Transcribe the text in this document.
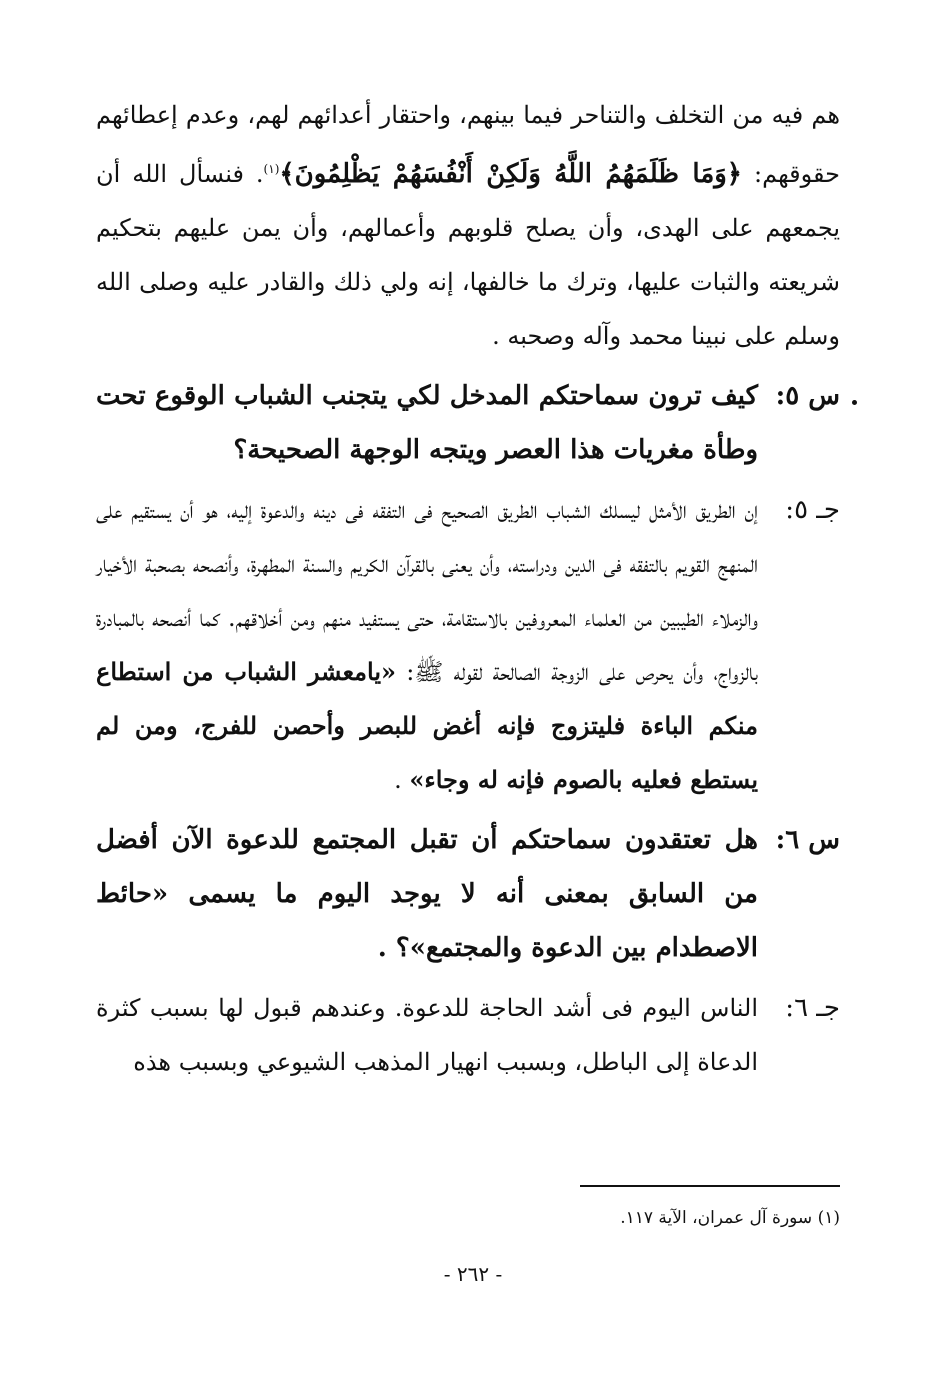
هم فيه من التخلف والتناحر فيما بينهم، واحتقار أعدائهم لهم، وعدم إعطائهم حقوقهم: ﴿وَمَا ظَلَمَهُمُ اللَّهُ وَلَكِنْ أَنْفُسَهُمْ يَظْلِمُونَ﴾$^{(١)}$. فنسأل الله أن يجمعهم على الهدى، وأن يصلح قلوبهم وأعمالهم، وأن يمن عليهم بتحكيم شريعته والثبات عليها، وترك ما خالفها، إنه ولي ذلك والقادر عليه وصلى الله وسلم على نبينا محمد وآله وصحبه .

س ٥:

كيف ترون سماحتكم المدخل لكي يتجنب الشباب الوقوع تحت وطأة مغريات هذا العصر ويتجه الوجهة الصحيحة؟

جـ ٥:

إن الطريق الأمثل ليسلك الشباب الطريق الصحيح فى التفقه فى دينه والدعوة إليه، هو أن يستقيم على المنهج القويم بالتفقه فى الدين ودراسته، وأن يعنى بالقرآن الكريم والسنة المطهرة، وأنصحه بصحبة الأخيار والزملاء الطيبين من العلماء المعروفين بالاستقامة، حتى يستفيد منهم ومن أخلاقهم. كما أنصحه بالمبادرة بالزواج، وأن يحرص على الزوجة الصالحة لقوله ﷺ: «يامعشر الشباب من استطاع منكم الباءة فليتزوج فإنه أغض للبصر وأحصن للفرج، ومن لم يستطع فعليه بالصوم فإنه له وجاء» .

س ٦:

هل تعتقدون سماحتكم أن تقبل المجتمع للدعوة الآن أفضل من السابق بمعنى أنه لا يوجد اليوم ما يسمى «حائط الاصطدام بين الدعوة والمجتمع»؟ .

جـ ٦:

الناس اليوم فى أشد الحاجة للدعوة. وعندهم قبول لها بسبب كثرة الدعاة إلى الباطل، وبسبب انهيار المذهب الشيوعي وبسبب هذه

(١) سورة آل عمران، الآية ١١٧.
- ٢٦٢ -
